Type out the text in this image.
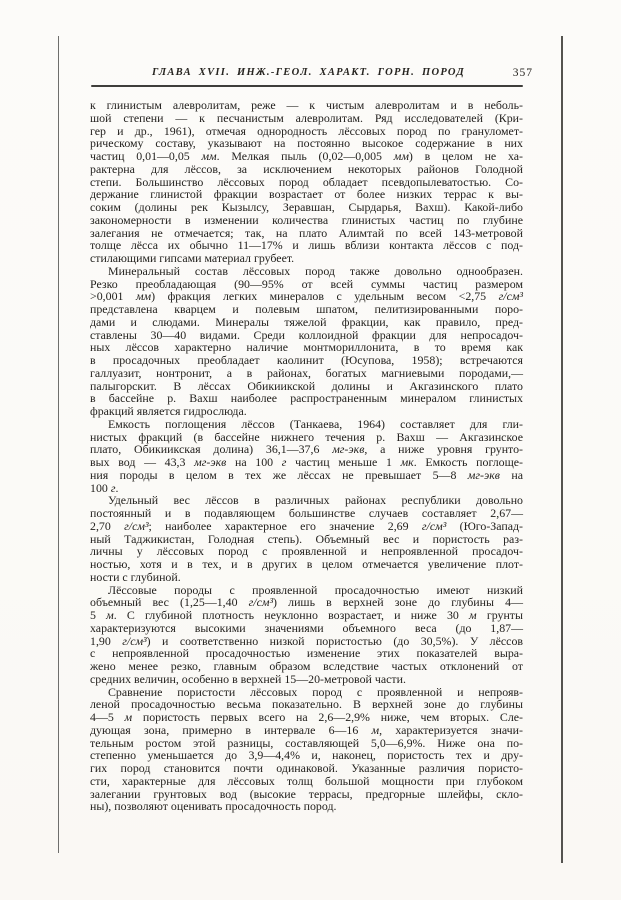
ГЛАВА XVII. ИНЖ.-ГЕОЛ. ХАРАКТ. ГОРН. ПОРОД	357

к глинистым алевролитам, реже — к чистым алевролитам и в неболь-
шой степени — к песчанистым алевролитам. Ряд исследователей (Кри-
гер и др., 1961), отмечая однородность лёссовых пород по грануломет-
рическому составу, указывают на постоянно высокое содержание в них
частиц 0,01—0,05 мм. Мелкая пыль (0,02—0,005 мм) в целом не ха-
рактерна для лёссов, за исключением некоторых районов Голодной
степи. Большинство лёссовых пород обладает псевдопылеватостью. Со-
держание глинистой фракции возрастает от более низких террас к вы-
соким (долины рек Кызылсу, Зеравшан, Сырдарья, Вахш). Какой-либо
закономерности в изменении количества глинистых частиц по глубине
залегания не отмечается; так, на плато Алимтай по всей 143-метровой
толще лёсса их обычно 11—17% и лишь вблизи контакта лёссов с под-
стилающими гипсами материал грубеет.

Минеральный состав лёссовых пород также довольно однообразен.
Резко преобладающая (90—95% от всей суммы частиц размером
>0,001 мм) фракция легких минералов с удельным весом <2,75 г/см³
представлена кварцем и полевым шпатом, пелитизированными поро-
дами и слюдами. Минералы тяжелой фракции, как правило, пред-
ставлены 30—40 видами. Среди коллоидной фракции для непросадоч-
ных лёссов характерно наличие монтмориллонита, в то время как
в просадочных преобладает каолинит (Юсупова, 1958); встречаются
галлуазит, нонтронит, а в районах, богатых магниевыми породами,—
палыгорскит. В лёссах Обикиикской долины и Акгазинского плато
в бассейне р. Вахш наиболее распространенным минералом глинистых
фракций является гидрослюда.

Емкость поглощения лёссов (Танкаева, 1964) составляет для гли-
нистых фракций (в бассейне нижнего течения р. Вахш — Акгазинское
плато, Обикиикская долина) 36,1—37,6 мг-экв, а ниже уровня грунто-
вых вод — 43,3 мг-экв на 100 г частиц меньше 1 мк. Емкость поглоще-
ния породы в целом в тех же лёссах не превышает 5—8 мг-экв на
100 г.

Удельный вес лёссов в различных районах республики довольно
постоянный и в подавляющем большинстве случаев составляет 2,67—
2,70 г/см³; наиболее характерное его значение 2,69 г/см³ (Юго-Запад-
ный Таджикистан, Голодная степь). Объемный вес и пористость раз-
личны у лёссовых пород с проявленной и непроявленной просадоч-
ностью, хотя и в тех, и в других в целом отмечается увеличение плот-
ности с глубиной.

Лёссовые породы с проявленной просадочностью имеют низкий
объемный вес (1,25—1,40 г/см³) лишь в верхней зоне до глубины 4—
5 м. С глубиной плотность неуклонно возрастает, и ниже 30 м грунты
характеризуются высокими значениями объемного веса (до 1,87—
1,90 г/см³) и соответственно низкой пористостью (до 30,5%). У лёссов
с непроявленной просадочностью изменение этих показателей выра-
жено менее резко, главным образом вследствие частых отклонений от
средних величин, особенно в верхней 15—20-метровой части.

Сравнение пористости лёссовых пород с проявленной и непрояв-
леной просадочностью весьма показательно. В верхней зоне до глубины
4—5 м пористость первых всего на 2,6—2,9% ниже, чем вторых. Сле-
дующая зона, примерно в интервале 6—16 м, характеризуется значи-
тельным ростом этой разницы, составляющей 5,0—6,9%. Ниже она по-
степенно уменьшается до 3,9—4,4% и, наконец, пористость тех и дру-
гих пород становится почти одинаковой. Указанные различия пористо-
сти, характерные для лёссовых толщ большой мощности при глубоком
залегании грунтовых вод (высокие террасы, предгорные шлейфы, скло-
ны), позволяют оценивать просадочность пород.
